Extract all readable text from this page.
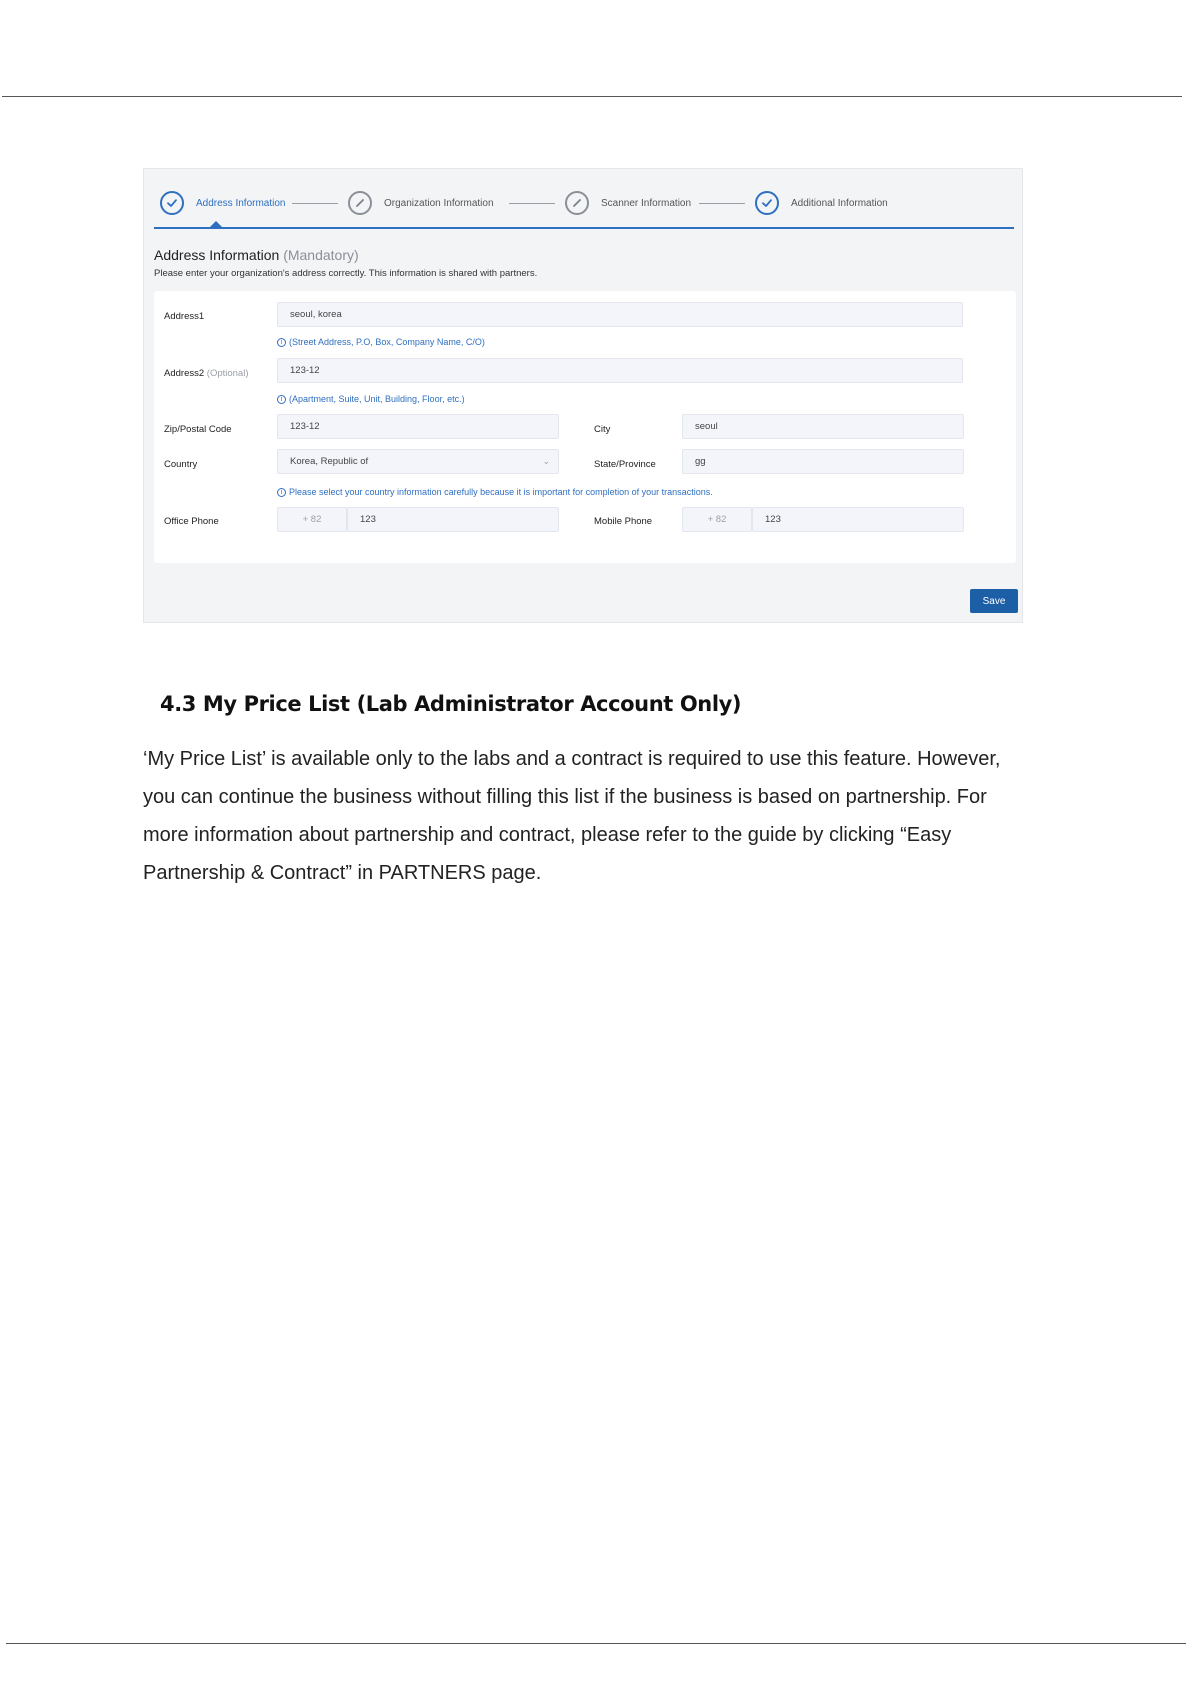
Address Information	Organization Information	Scanner Information	Additional Information
Address Information (Mandatory)
Please enter your organization's address correctly. This information is shared with partners.
Address1	seoul, korea
i (Street Address, P.O, Box, Company Name, C/O)
Address2 (Optional)	123-12
i (Apartment, Suite, Unit, Building, Floor, etc.)
Zip/Postal Code	123-12	City	seoul
Country	Korea, Republic of	⌄	State/Province	gg
i Please select your country information carefully because it is important for completion of your transactions.
Office Phone	+ 82	123	Mobile Phone	+ 82	123
Save
4.3 My Price List (Lab Administrator Account Only)
‘My Price List’ is available only to the labs and a contract is required to use this feature. However,
you can continue the business without filling this list if the business is based on partnership. For
more information about partnership and contract, please refer to the guide by clicking “Easy
Partnership & Contract” in PARTNERS page.
